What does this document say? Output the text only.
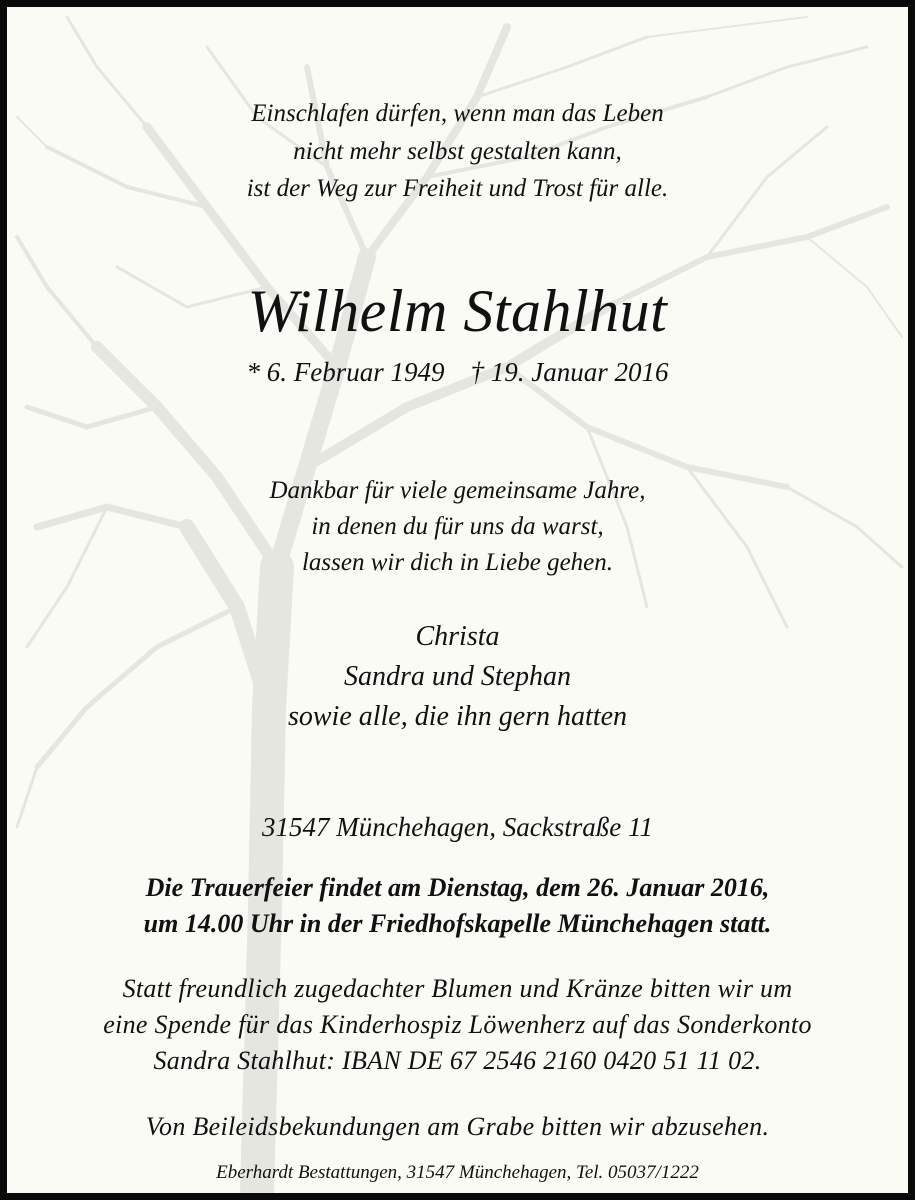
Einschlafen dürfen, wenn man das Leben
nicht mehr selbst gestalten kann,
ist der Weg zur Freiheit und Trost für alle.
Wilhelm Stahlhut
* 6. Februar 1949 † 19. Januar 2016
Dankbar für viele gemeinsame Jahre,
in denen du für uns da warst,
lassen wir dich in Liebe gehen.
Christa
Sandra und Stephan
sowie alle, die ihn gern hatten
31547 Münchehagen, Sackstraße 11
Die Trauerfeier findet am Dienstag, dem 26. Januar 2016,
um 14.00 Uhr in der Friedhofskapelle Münchehagen statt.
Statt freundlich zugedachter Blumen und Kränze bitten wir um
eine Spende für das Kinderhospiz Löwenherz auf das Sonderkonto
Sandra Stahlhut: IBAN DE 67 2546 2160 0420 51 11 02.
Von Beileidsbekundungen am Grabe bitten wir abzusehen.
Eberhardt Bestattungen, 31547 Münchehagen, Tel. 05037/1222
